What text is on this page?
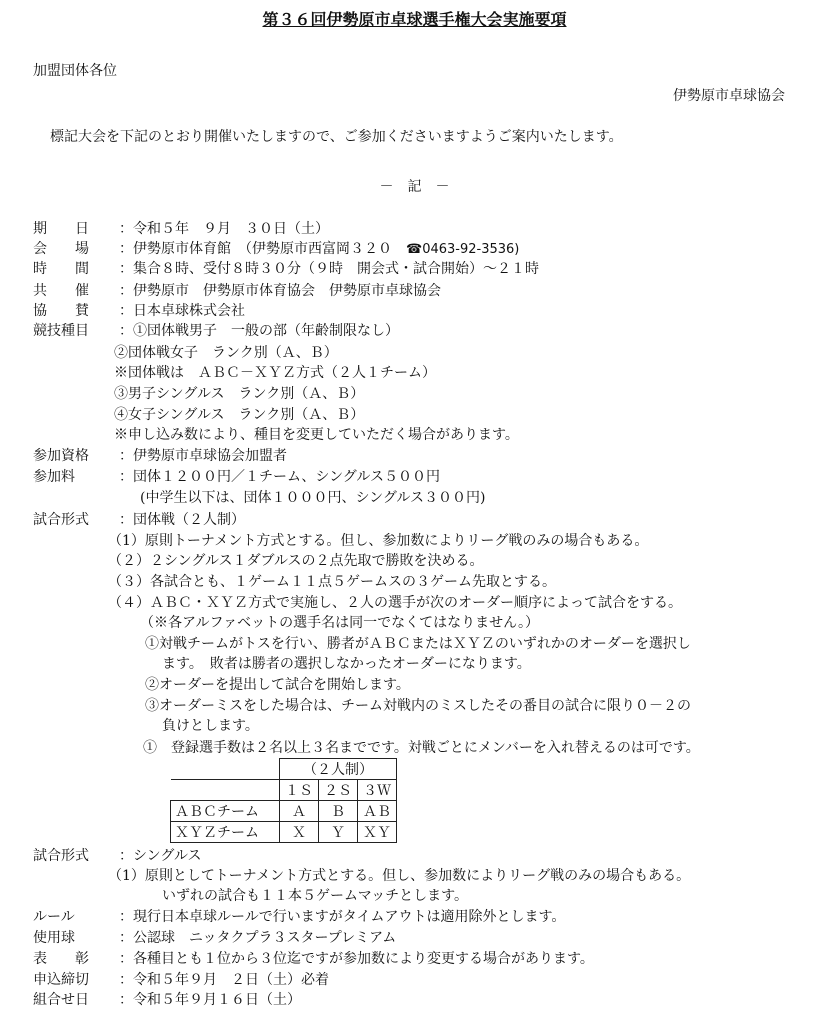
第３６回伊勢原市卓球選手権大会実施要項
加盟団体各位
伊勢原市卓球協会
標記大会を下記のとおり開催いたしますので、ご参加くださいますようご案内いたします。
－　記　－
期　　日 ：令和５年　９月　３０日（土）
会　　場 ：伊勢原市体育館　（伊勢原市西富岡３２０　☎0463-92-3536)
時　　間 ：集合８時、受付８時３０分（９時　開会式・試合開始）～２１時
共　　催 ：伊勢原市　伊勢原市体育協会　伊勢原市卓球協会
協　　賛 ：日本卓球株式会社
競技種目 ：①団体戦男子　一般の部（年齢制限なし）
②団体戦女子　ランク別（Ａ、Ｂ）
※団体戦は　ＡＢＣ－ＸＹＺ方式（２人１チーム）
③男子シングルス　ランク別（Ａ、Ｂ）
④女子シングルス　ランク別（Ａ、Ｂ）
※申し込み数により、種目を変更していただく場合があります。
参加資格 ：伊勢原市卓球協会加盟者
参加料	：団体１２００円／１チーム、シングルス５００円
(中学生以下は、団体１０００円、シングルス３００円)
試合形式 ：団体戦（２人制）
（1）原則トーナメント方式とする。但し、参加数によりリーグ戦のみの場合もある。
（２）２シングルス１ダブルスの２点先取で勝敗を決める。
（３）各試合とも、１ゲーム１１点５ゲームスの３ゲーム先取とする。
（４）ＡＢＣ・ＸＹＺ方式で実施し、２人の選手が次のオーダー順序によって試合をする。
（※各アルファベットの選手名は同一でなくてはなりません。）
①対戦チームがトスを行い、勝者がＡＢＣまたはＸＹＺのいずれかのオーダーを選択し
ます。　敗者は勝者の選択しなかったオーダーになります。
②オーダーを提出して試合を開始します。
③オーダーミスをした場合は、チーム対戦内のミスしたその番目の試合に限り０－２の
負けとします。
①　登録選手数は２名以上３名までです。対戦ごとにメンバーを入れ替えるのは可です。
	（２人制）		
	１Ｓ	２Ｓ	３Ｗ
ＡＢＣチーム	Ａ	Ｂ	ＡＢ
ＸＹＺチーム	Ｘ	Ｙ	ＸＹ
試合形式 ：シングルス
（1）原則としてトーナメント方式とする。但し、参加数によりリーグ戦のみの場合もある。
いずれの試合も１１本５ゲームマッチとします。
ルール	：現行日本卓球ルールで行いますがタイムアウトは適用除外とします。
使用球	：公認球　ニッタクプラ３スタープレミアム
表　　彰 ：各種目とも１位から３位迄ですが参加数により変更する場合があります。
申込締切 ：令和５年９月　２日（土）必着
組合せ日 ：令和５年９月１６日（土）
